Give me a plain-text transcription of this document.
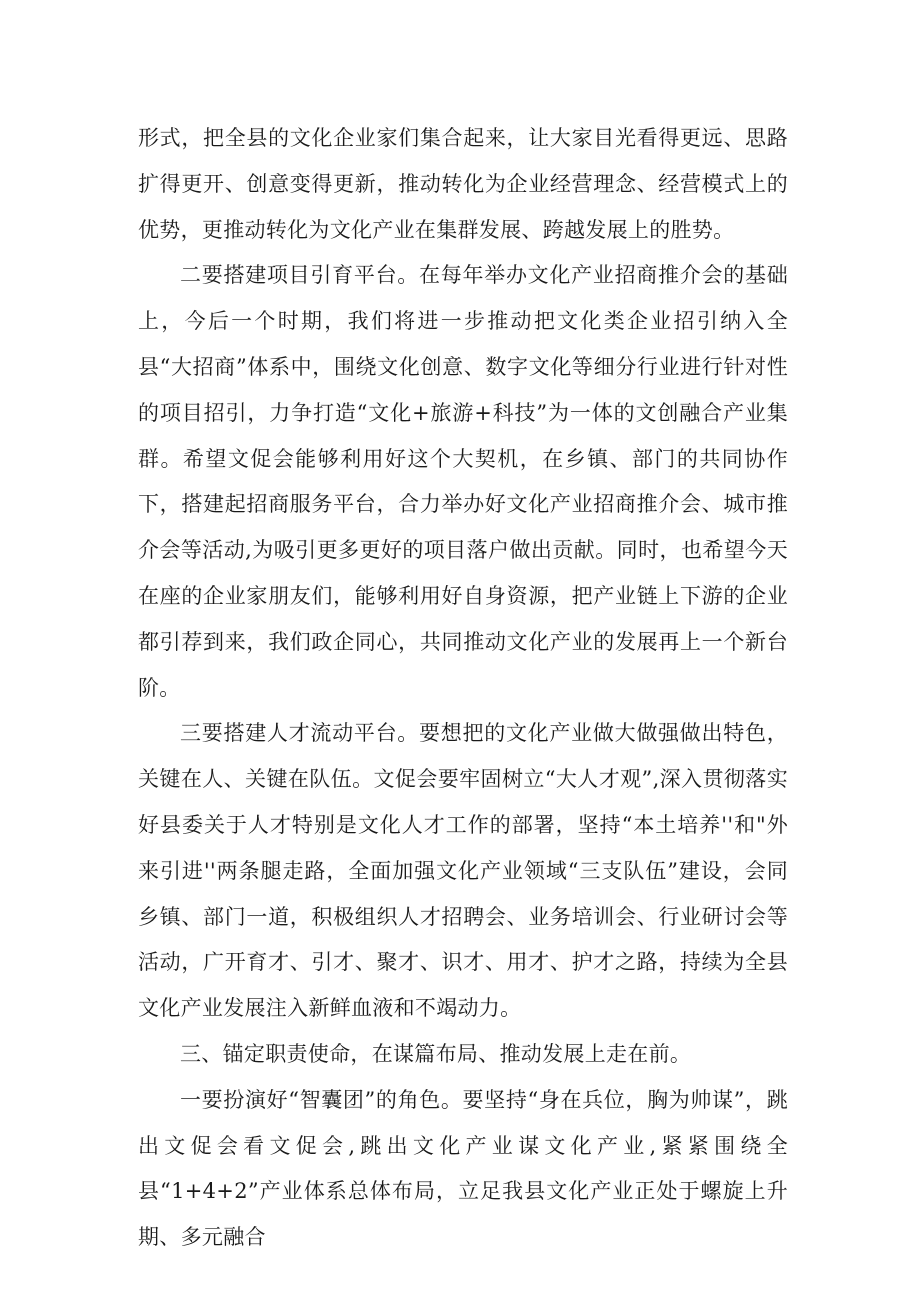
形式，把全县的文化企业家们集合起来，让大家目光看得更远、思路扩得更开、创意变得更新，推动转化为企业经营理念、经营模式上的优势，更推动转化为文化产业在集群发展、跨越发展上的胜势。

二要搭建项目引育平台。在每年举办文化产业招商推介会的基础上，今后一个时期，我们将进一步推动把文化类企业招引纳入全县“大招商”体系中，围绕文化创意、数字文化等细分行业进行针对性的项目招引，力争打造“文化+旅游+科技”为一体的文创融合产业集群。希望文促会能够利用好这个大契机，在乡镇、部门的共同协作下，搭建起招商服务平台，合力举办好文化产业招商推介会、城市推介会等活动,为吸引更多更好的项目落户做出贡献。同时，也希望今天在座的企业家朋友们，能够利用好自身资源，把产业链上下游的企业都引荐到来，我们政企同心，共同推动文化产业的发展再上一个新台阶。

三要搭建人才流动平台。要想把的文化产业做大做强做出特色，关键在人、关键在队伍。文促会要牢固树立“大人才观”,深入贯彻落实好县委关于人才特别是文化人才工作的部署，坚持“本土培养''和"外来引进''两条腿走路，全面加强文化产业领域“三支队伍”建设，会同乡镇、部门一道，积极组织人才招聘会、业务培训会、行业研讨会等活动，广开育才、引才、聚才、识才、用才、护才之路，持续为全县文化产业发展注入新鲜血液和不竭动力。

三、锚定职责使命，在谋篇布局、推动发展上走在前。

一要扮演好“智囊团”的角色。要坚持“身在兵位，胸为帅谋”，跳出文促会看文促会,跳出文化产业谋文化产业,紧紧围绕全县“1+4+2”产业体系总体布局，立足我县文化产业正处于螺旋上升期、多元融合
